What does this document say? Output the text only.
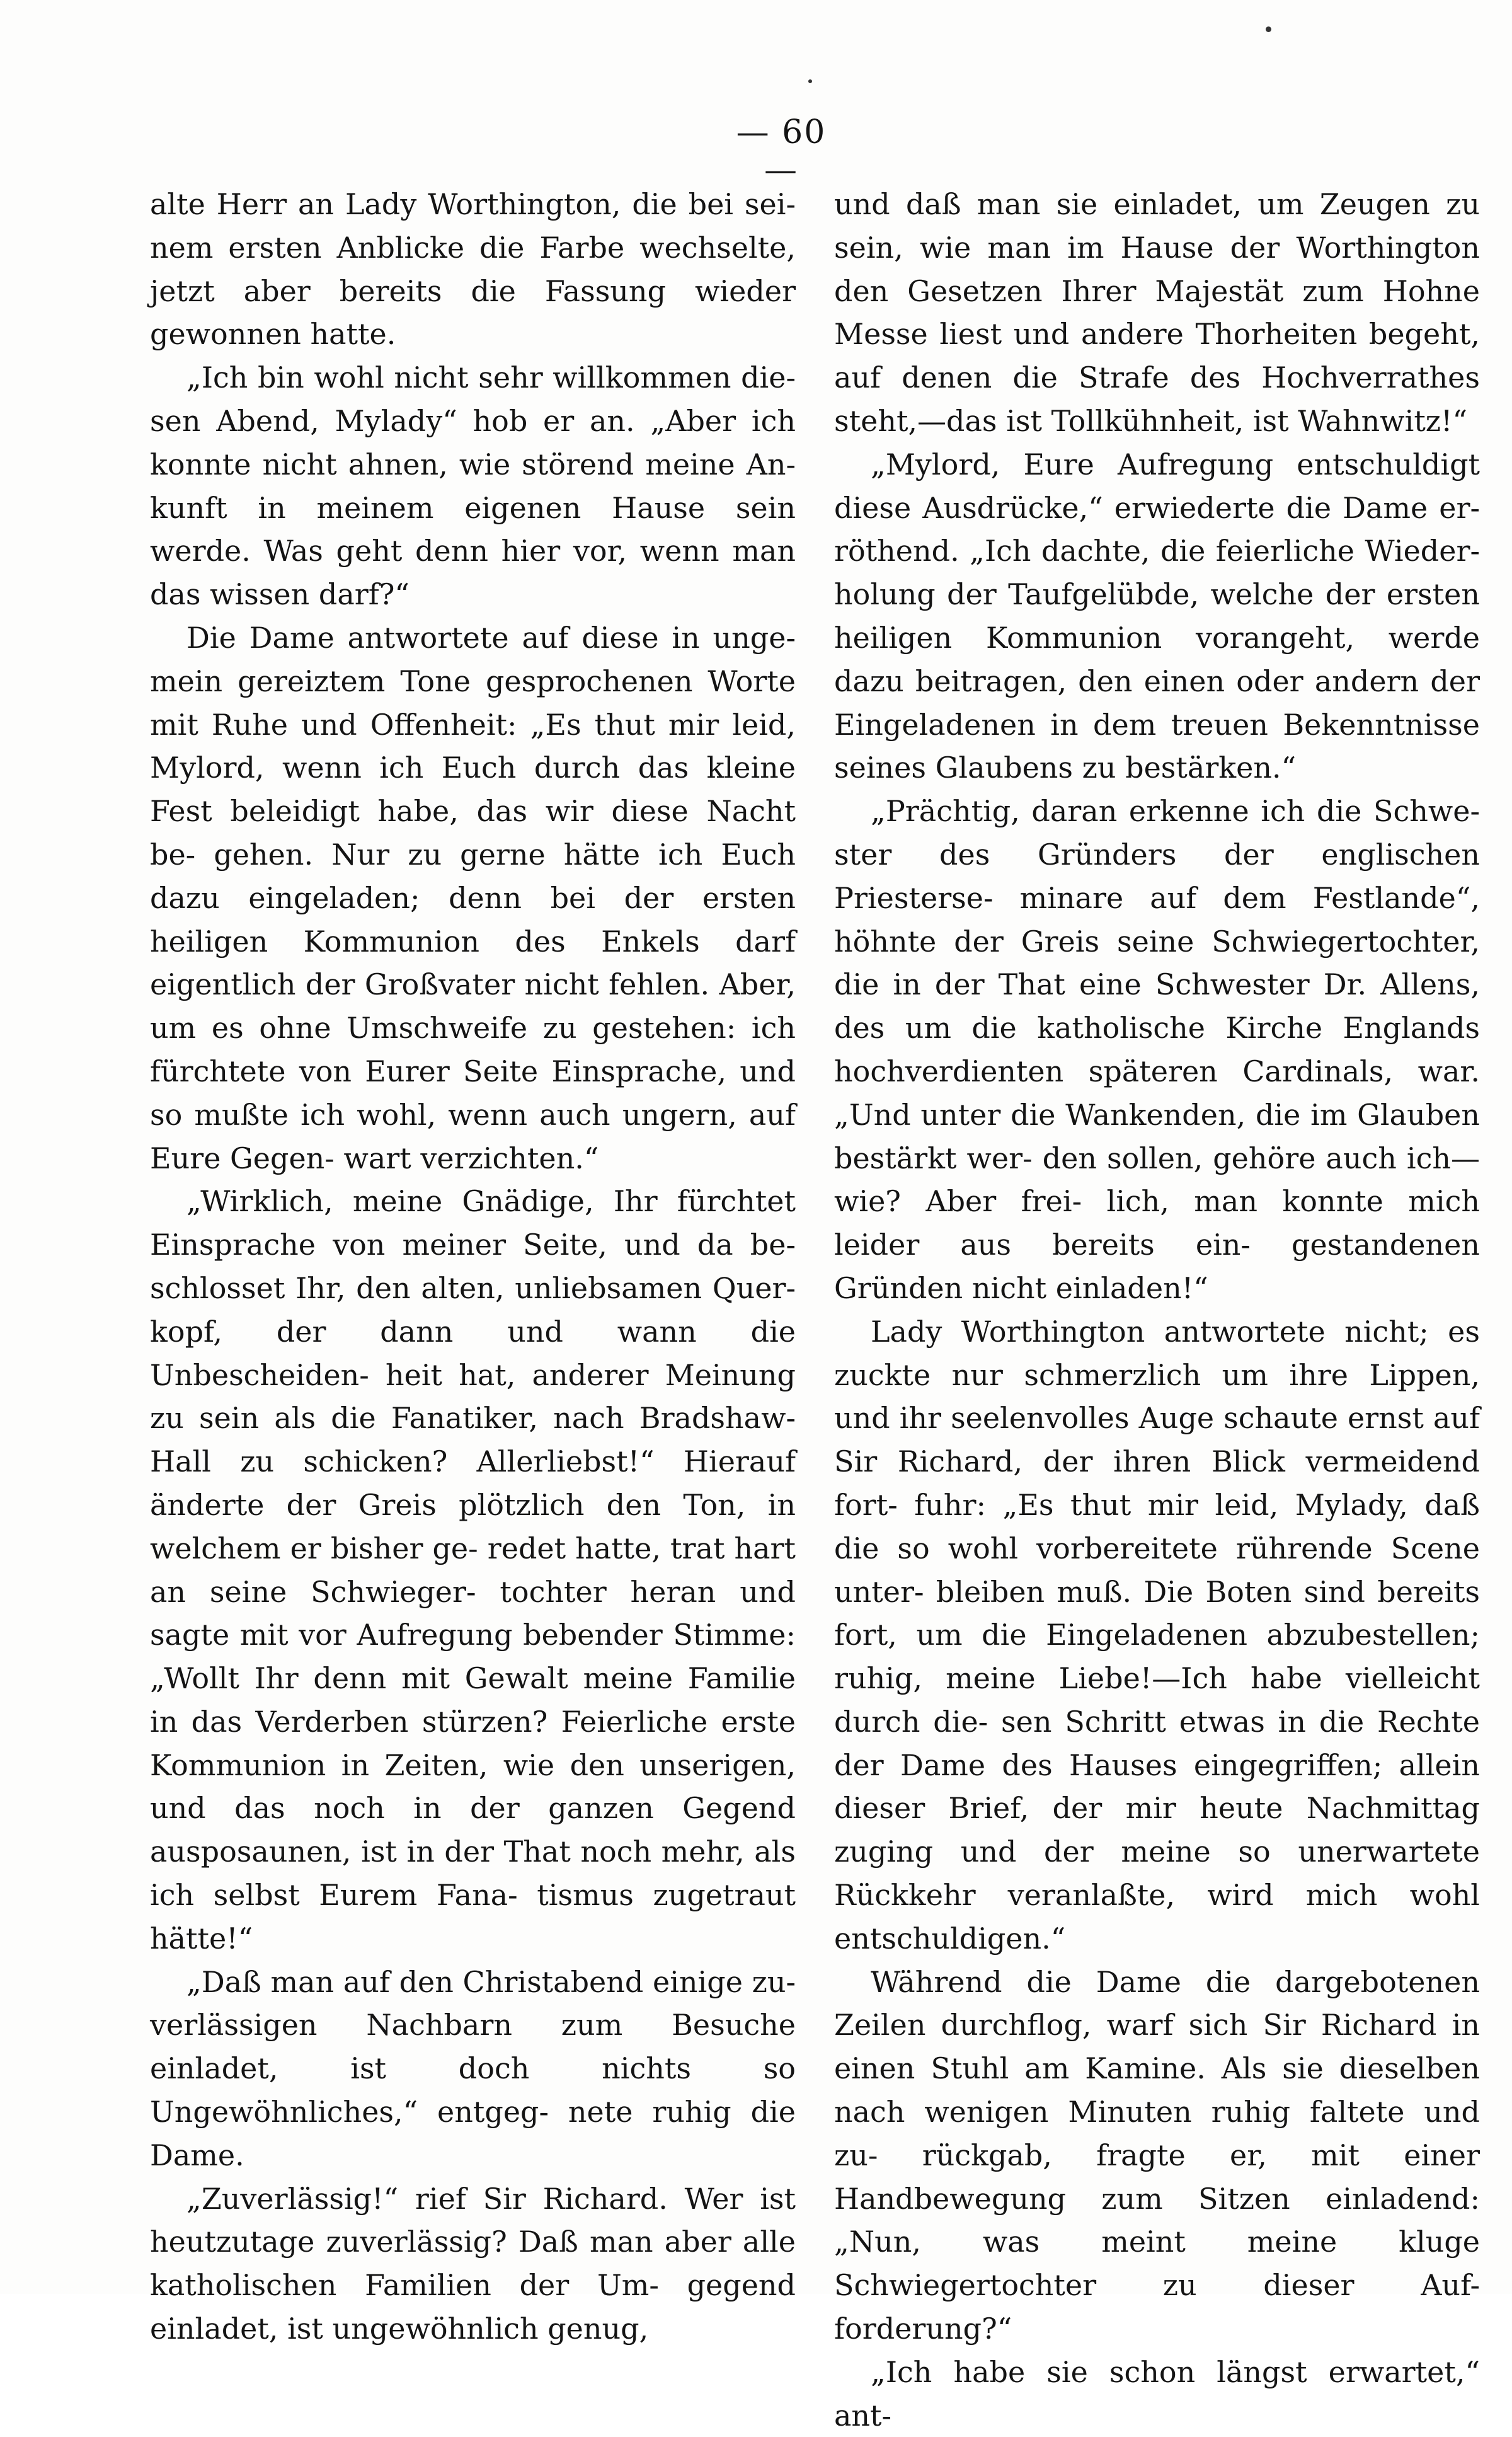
— 60 —

alte Herr an Lady Worthington, die bei sei- nem ersten Anblicke die Farbe wechselte, jetzt aber bereits die Fassung wieder gewonnen hatte.

„Ich bin wohl nicht sehr willkommen die- sen Abend, Mylady“ hob er an. „Aber ich konnte nicht ahnen, wie störend meine An- kunft in meinem eigenen Hause sein werde. Was geht denn hier vor, wenn man das wissen darf?“

Die Dame antwortete auf diese in unge- mein gereiztem Tone gesprochenen Worte mit Ruhe und Offenheit: „Es thut mir leid, Mylord, wenn ich Euch durch das kleine Fest beleidigt habe, das wir diese Nacht be- gehen. Nur zu gerne hätte ich Euch dazu eingeladen; denn bei der ersten heiligen Kommunion des Enkels darf eigentlich der Großvater nicht fehlen. Aber, um es ohne Umschweife zu gestehen: ich fürchtete von Eurer Seite Einsprache, und so mußte ich wohl, wenn auch ungern, auf Eure Gegen- wart verzichten.“

„Wirklich, meine Gnädige, Ihr fürchtet Einsprache von meiner Seite, und da be- schlosset Ihr, den alten, unliebsamen Quer- kopf, der dann und wann die Unbescheiden- heit hat, anderer Meinung zu sein als die Fanatiker, nach Bradshaw-Hall zu schicken? Allerliebst!“ Hierauf änderte der Greis plötzlich den Ton, in welchem er bisher ge- redet hatte, trat hart an seine Schwieger- tochter heran und sagte mit vor Aufregung bebender Stimme: „Wollt Ihr denn mit Gewalt meine Familie in das Verderben stürzen? Feierliche erste Kommunion in Zeiten, wie den unserigen, und das noch in der ganzen Gegend ausposaunen, ist in der That noch mehr, als ich selbst Eurem Fana- tismus zugetraut hätte!“

„Daß man auf den Christabend einige zu- verlässigen Nachbarn zum Besuche einladet, ist doch nichts so Ungewöhnliches,“ entgeg- nete ruhig die Dame.

„Zuverlässig!“ rief Sir Richard. Wer ist heutzutage zuverlässig? Daß man aber alle katholischen Familien der Um- gegend einladet, ist ungewöhnlich genug,

und daß man sie einladet, um Zeugen zu sein, wie man im Hause der Worthington den Gesetzen Ihrer Majestät zum Hohne Messe liest und andere Thorheiten begeht, auf denen die Strafe des Hochverrathes steht,—das ist Tollkühnheit, ist Wahnwitz!“

„Mylord, Eure Aufregung entschuldigt diese Ausdrücke,“ erwiederte die Dame er- röthend. „Ich dachte, die feierliche Wieder- holung der Taufgelübde, welche der ersten heiligen Kommunion vorangeht, werde dazu beitragen, den einen oder andern der Eingeladenen in dem treuen Bekenntnisse seines Glaubens zu bestärken.“

„Prächtig, daran erkenne ich die Schwe- ster des Gründers der englischen Priesterse- minare auf dem Festlande“, höhnte der Greis seine Schwiegertochter, die in der That eine Schwester Dr. Allens, des um die katholische Kirche Englands hochverdienten späteren Cardinals, war. „Und unter die Wankenden, die im Glauben bestärkt wer- den sollen, gehöre auch ich—wie? Aber frei- lich, man konnte mich leider aus bereits ein- gestandenen Gründen nicht einladen!“

Lady Worthington antwortete nicht; es zuckte nur schmerzlich um ihre Lippen, und ihr seelenvolles Auge schaute ernst auf Sir Richard, der ihren Blick vermeidend fort- fuhr: „Es thut mir leid, Mylady, daß die so wohl vorbereitete rührende Scene unter- bleiben muß. Die Boten sind bereits fort, um die Eingeladenen abzubestellen; ruhig, meine Liebe!—Ich habe vielleicht durch die- sen Schritt etwas in die Rechte der Dame des Hauses eingegriffen; allein dieser Brief, der mir heute Nachmittag zuging und der meine so unerwartete Rückkehr veranlaßte, wird mich wohl entschuldigen.“

Während die Dame die dargebotenen Zeilen durchflog, warf sich Sir Richard in einen Stuhl am Kamine. Als sie dieselben nach wenigen Minuten ruhig faltete und zu- rückgab, fragte er, mit einer Handbewegung zum Sitzen einladend: „Nun, was meint meine kluge Schwiegertochter zu dieser Auf- forderung?“

„Ich habe sie schon längst erwartet,“ ant-
